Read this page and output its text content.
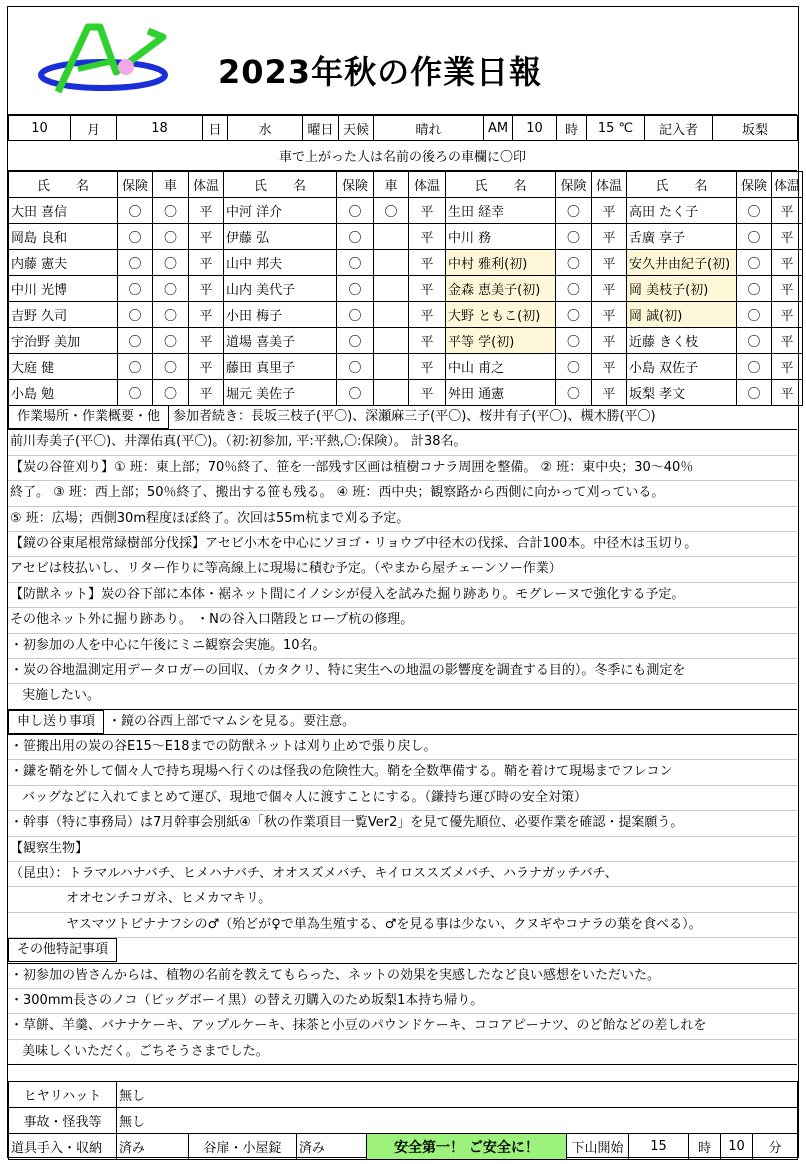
2023年秋の作業日報
10	月	18	日	水	曜日	天候	晴れ	AM	10	時	15 ℃	記入者	坂梨
車で上がった人は名前の後ろの車欄に〇印
氏　　名	保険	車	体温	氏　　名	保険	車	体温	氏　　名	保険	体温	氏　　名	保険	体温
大田 喜信	〇	〇	平	中河 洋介	〇	〇	平	生田 経幸	〇	平	高田 たく子	〇	平
岡島 良和	〇	〇	平	伊藤 弘	〇		平	中川 務	〇	平	舌廣 享子	〇	平
内藤 憲夫	〇	〇	平	山中 邦夫	〇		平	中村 雅利(初)	〇	平	安久井由紀子(初)	〇	平
中川 光博	〇	〇	平	山内 美代子	〇		平	金森 恵美子(初)	〇	平	岡 美枝子(初)	〇	平
吉野 久司	〇	〇	平	小田 梅子	〇		平	大野 ともこ(初)	〇	平	岡 誠(初)	〇	平
宇治野 美加	〇	〇	平	道場 喜美子	〇		平	平等 学(初)	〇	平	近藤 きく枝	〇	平
大庭 健	〇	〇	平	藤田 真里子	〇		平	中山 甫之	〇	平	小島 双佐子	〇	平
小島 勉	〇	〇	平	堀元 美佐子	〇		平	舛田 通憲	〇	平	坂梨 孝文	〇	平
作業場所・作業概要・他 参加者続き：長坂三枝子(平〇)、深瀬麻三子(平〇)、桜井有子(平〇)、槻木勝(平〇)
前川寿美子(平〇)、井澤佑真(平〇)。（初:初参加, 平:平熱,〇:保険）。 計38名。
【炭の谷笹刈り】① 班：東上部；70％終了、笹を一部残す区画は植樹コナラ周囲を整備。 ② 班：東中央；30〜40％
終了。 ③ 班：西上部；50％終了、搬出する笹も残る。 ④ 班：西中央；観察路から西側に向かって刈っている。
⑤ 班：広場；西側30m程度ほぼ終了。次回は55m杭まで刈る予定。
【鏡の谷東尾根常緑樹部分伐採】アセビ小木を中心にソヨゴ・リョウブ中径木の伐採、合計100本。中径木は玉切り。
アセビは枝払いし、リター作りに等高線上に現場に積む予定。（やまから屋チェーンソー作業）
【防獣ネット】炭の谷下部に本体・裾ネット間にイノシシが侵入を試みた掘り跡あり。モグレーヌで強化する予定。
その他ネット外に掘り跡あり。 ・Nの谷入口階段とロープ杭の修理。
・初参加の人を中心に午後にミニ観察会実施。10名。
・炭の谷地温測定用データロガーの回収、（カタクリ、特に実生への地温の影響度を調査する目的）。冬季にも測定を
実施したい。
申し送り事項 ・鏡の谷西上部でマムシを見る。要注意。
・笹搬出用の炭の谷E15〜E18までの防獣ネットは刈り止めで張り戻し。
・鎌を鞘を外して個々人で持ち現場へ行くのは怪我の危険性大。鞘を全数準備する。鞘を着けて現場までフレコン
バッグなどに入れてまとめて運び、現地で個々人に渡すことにする。（鎌持ち運び時の安全対策）
・幹事（特に事務局）は7月幹事会別紙④「秋の作業項目一覧Ver2」を見て優先順位、必要作業を確認・提案願う。
【観察生物】
（昆虫）：トラマルハナバチ、ヒメハナバチ、オオスズメバチ、キイロススズメバチ、ハラナガッチバチ、
オオセンチコガネ、ヒメカマキリ。
ヤスマツトビナナフシの♂（殆どが♀で単為生殖する、♂を見る事は少ない、クヌギやコナラの葉を食べる）。
その他特記事項
・初参加の皆さんからは、植物の名前を教えてもらった、ネットの効果を実感したなど良い感想をいただいた。
・300mm長さのノコ（ビッグボーイ黒）の替え刃購入のため坂梨1本持ち帰り。
・草餅、羊羹、バナナケーキ、アップルケーキ、抹茶と小豆のパウンドケーキ、ココアピーナツ、のど飴などの差しれを
美味しくいただく。ごちそうさまでした。
ヒヤリハット	無し								
事故・怪我等	無し								
道具手入・収納	済み	谷扉・小屋錠	済み	安全第一！ ご安全に！	下山開始	15	時	10	分
